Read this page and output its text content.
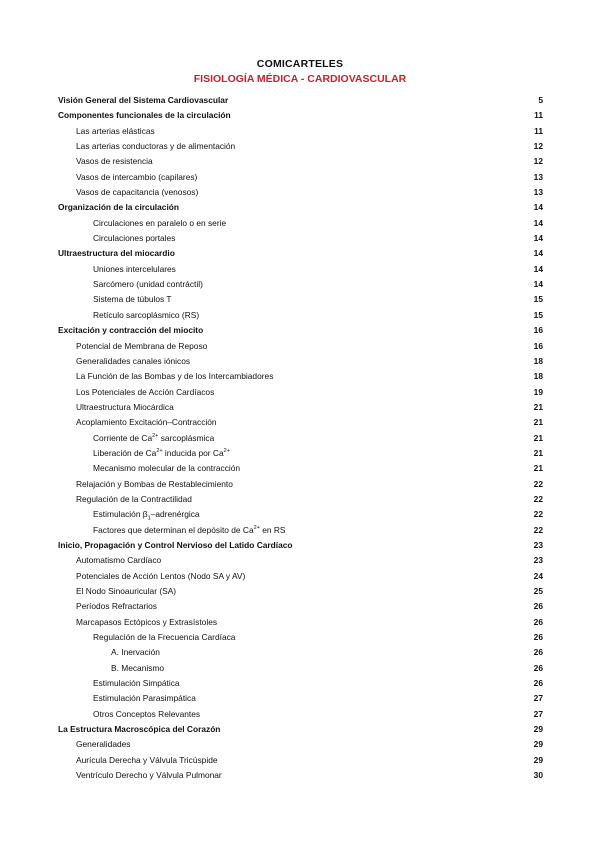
COMICARTELES
FISIOLOGÍA MÉDICA - CARDIOVASCULAR
Visión General del Sistema Cardiovascular	5
Componentes funcionales de la circulación	11
Las arterias elásticas	11
Las arterias conductoras y de alimentación	12
Vasos de resistencia	12
Vasos de intercambio (capilares)	13
Vasos de capacitancia (venosos)	13
Organización de la circulación	14
Circulaciones en paralelo o en serie	14
Circulaciones portales	14
Ultraestructura del miocardio	14
Uniones intercelulares	14
Sarcómero (unidad contráctil)	14
Sistema de túbulos T	15
Retículo sarcoplásmico (RS)	15
Excitación y contracción del miocito	16
Potencial de Membrana de Reposo	16
Generalidades canales iónicos	18
La Función de las Bombas y de los Intercambiadores	18
Los Potenciales de Acción Cardíacos	19
Ultraestructura Miocárdica	21
Acoplamiento Excitación–Contracción	21
Corriente de $Ca^{2+}$ sarcoplásmica	21
Liberación de $Ca^{2+}$ inducida por $Ca^{2+}$	21
Mecanismo molecular de la contracción	21
Relajación y Bombas de Restablecimiento	22
Regulación de la Contractilidad	22
Estimulación $\beta_1$–adrenérgica	22
Factores que determinan el depósito de $Ca^{2+}$ en RS	22
Inicio, Propagación y Control Nervioso del Latido Cardíaco	23
Automatismo Cardíaco	23
Potenciales de Acción Lentos (Nodo SA y AV)	24
El Nodo Sinoauricular (SA)	25
Períodos Refractarios	26
Marcapasos Ectópicos y Extrasístoles	26
Regulación de la Frecuencia Cardíaca	26
A. Inervación	26
B. Mecanismo	26
Estimulación Simpática	26
Estimulación Parasimpática	27
Otros Conceptos Relevantes	27
La Estructura Macroscópica del Corazón	29
Generalidades	29
Aurícula Derecha y Válvula Tricúspide	29
Ventrículo Derecho y Válvula Pulmonar	30
